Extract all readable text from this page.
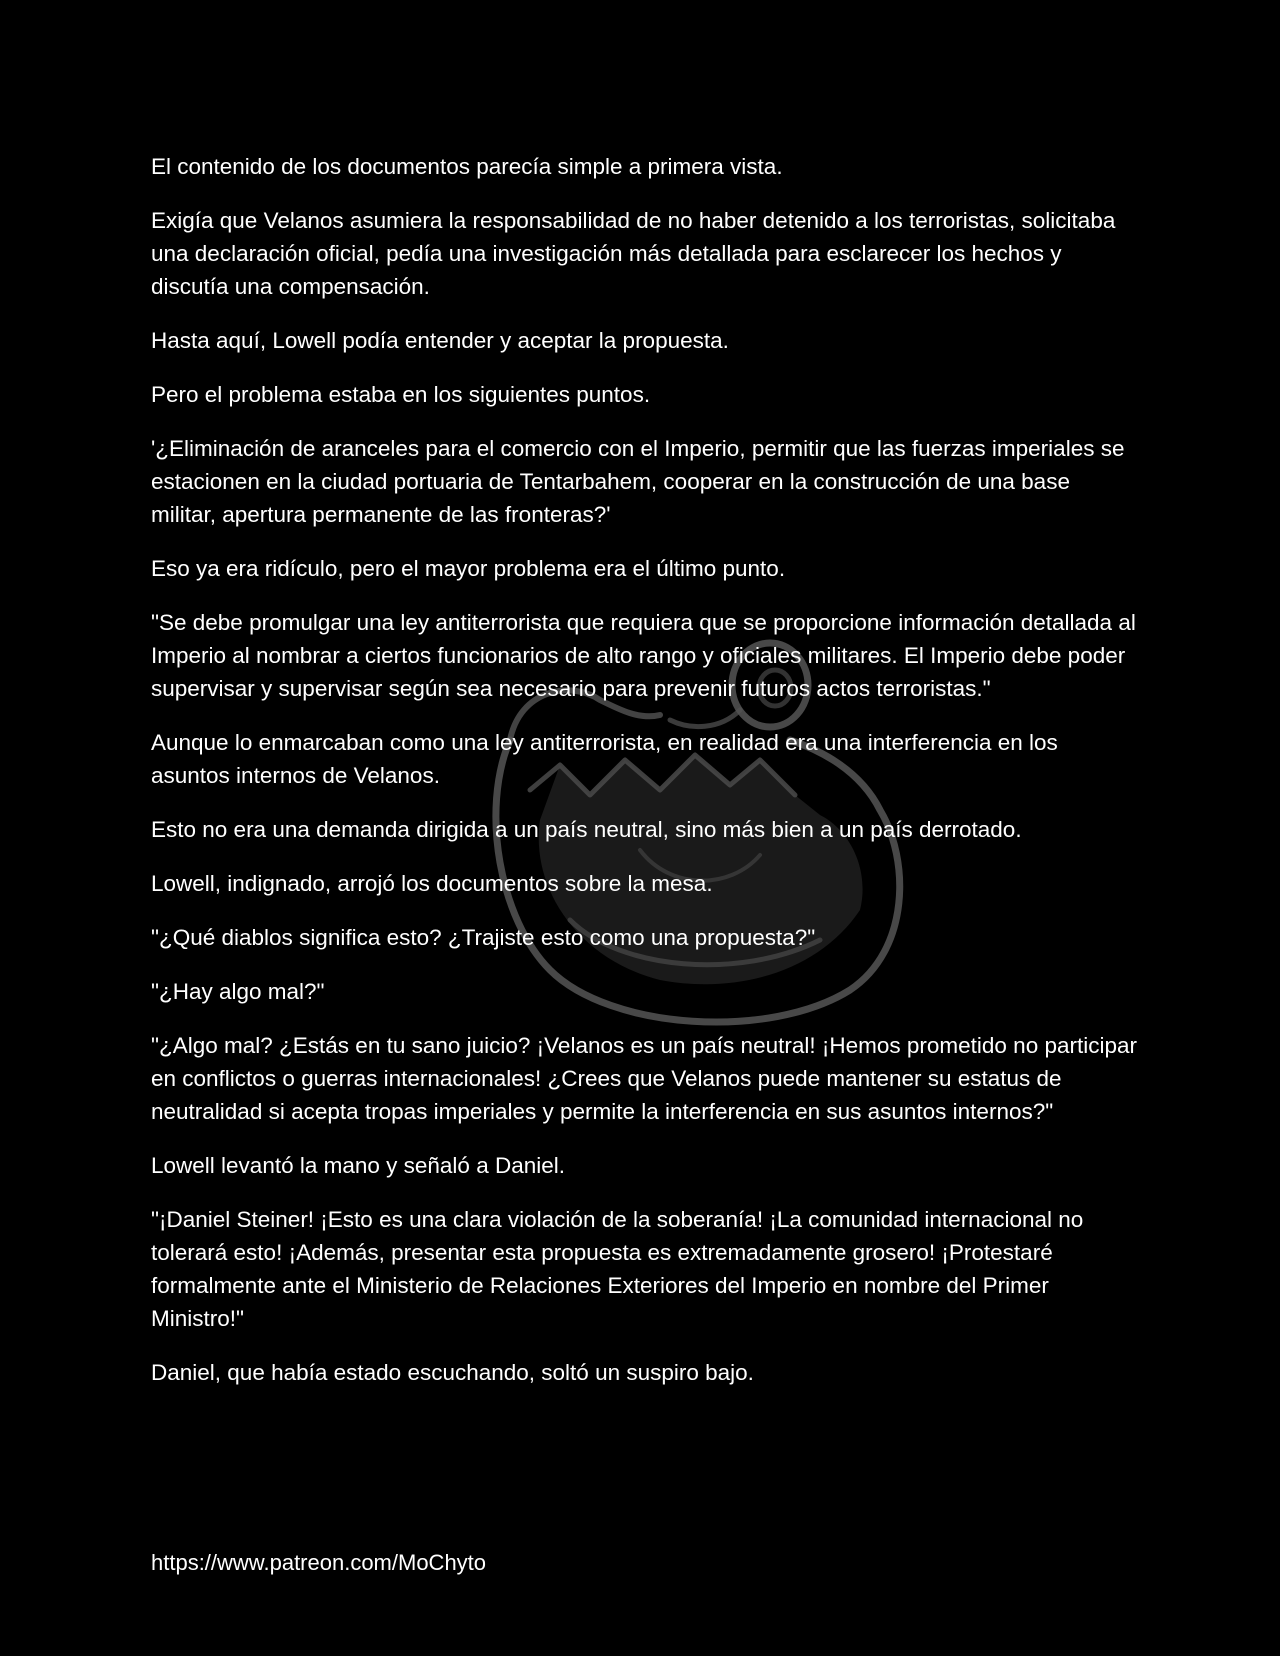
El contenido de los documentos parecía simple a primera vista.

Exigía que Velanos asumiera la responsabilidad de no haber detenido a los terroristas, solicitaba una declaración oficial, pedía una investigación más detallada para esclarecer los hechos y discutía una compensación.

Hasta aquí, Lowell podía entender y aceptar la propuesta.

Pero el problema estaba en los siguientes puntos.

'¿Eliminación de aranceles para el comercio con el Imperio, permitir que las fuerzas imperiales se estacionen en la ciudad portuaria de Tentarbahem, cooperar en la construcción de una base militar, apertura permanente de las fronteras?'

Eso ya era ridículo, pero el mayor problema era el último punto.

"Se debe promulgar una ley antiterrorista que requiera que se proporcione información detallada al Imperio al nombrar a ciertos funcionarios de alto rango y oficiales militares. El Imperio debe poder supervisar y supervisar según sea necesario para prevenir futuros actos terroristas."

Aunque lo enmarcaban como una ley antiterrorista, en realidad era una interferencia en los asuntos internos de Velanos.

Esto no era una demanda dirigida a un país neutral, sino más bien a un país derrotado.

Lowell, indignado, arrojó los documentos sobre la mesa.

"¿Qué diablos significa esto? ¿Trajiste esto como una propuesta?"

"¿Hay algo mal?"

"¿Algo mal? ¿Estás en tu sano juicio? ¡Velanos es un país neutral! ¡Hemos prometido no participar en conflictos o guerras internacionales! ¿Crees que Velanos puede mantener su estatus de neutralidad si acepta tropas imperiales y permite la interferencia en sus asuntos internos?"

Lowell levantó la mano y señaló a Daniel.

"¡Daniel Steiner! ¡Esto es una clara violación de la soberanía! ¡La comunidad internacional no tolerará esto! ¡Además, presentar esta propuesta es extremadamente grosero! ¡Protestaré formalmente ante el Ministerio de Relaciones Exteriores del Imperio en nombre del Primer Ministro!"

Daniel, que había estado escuchando, soltó un suspiro bajo.

https://www.patreon.com/MoChyto
